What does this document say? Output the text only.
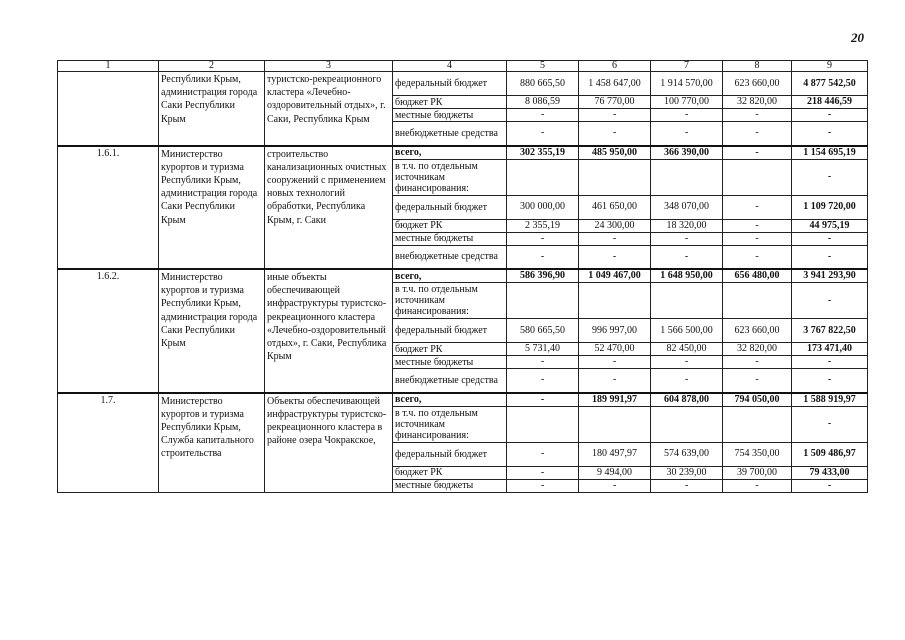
20
1	2	3	4	5	6	7	8	9
	Республики Крым, администрация города Саки Республики Крым	туристско-рекреационного кластера «Лечебно-оздоровительный отдых», г. Саки, Республика Крым	федеральный бюджет	880 665,50	1 458 647,00	1 914 570,00	623 660,00	4 877 542,50
			бюджет РК	8 086,59	76 770,00	100 770,00	32 820,00	218 446,59
			местные бюджеты	-	-	-	-	-
			внебюджетные средства	-	-	-	-	-
1.6.1.	Министерство курортов и туризма Республики Крым, администрация города Саки Республики Крым	строительство канализационных очистных сооружений с применением новых технологий обработки, Республика Крым, г. Саки	всего,	302 355,19	485 950,00	366 390,00	-	1 154 695,19
			в т.ч. по отдельным источникам финансирования:					-
			федеральный бюджет	300 000,00	461 650,00	348 070,00	-	1 109 720,00
			бюджет РК	2 355,19	24 300,00	18 320,00	-	44 975,19
			местные бюджеты	-	-	-	-	-
			внебюджетные средства	-	-	-	-	-
1.6.2.	Министерство курортов и туризма Республики Крым, администрация города Саки Республики Крым	иные объекты обеспечивающей инфраструктуры туристско-рекреационного кластера «Лечебно-оздоровительный отдых», г. Саки, Республика Крым	всего,	586 396,90	1 049 467,00	1 648 950,00	656 480,00	3 941 293,90
			в т.ч. по отдельным источникам финансирования:					-
			федеральный бюджет	580 665,50	996 997,00	1 566 500,00	623 660,00	3 767 822,50
			бюджет РК	5 731,40	52 470,00	82 450,00	32 820,00	173 471,40
			местные бюджеты	-	-	-	-	-
			внебюджетные средства	-	-	-	-	-
1.7.	Министерство курортов и туризма Республики Крым, Служба капитального строительства	Объекты обеспечивающей инфраструктуры туристско-рекреационного кластера в районе озера Чокракское,	всего,	-	189 991,97	604 878,00	794 050,00	1 588 919,97
			в т.ч. по отдельным источникам финансирования:					-
			федеральный бюджет	-	180 497,97	574 639,00	754 350,00	1 509 486,97
			бюджет РК	-	9 494,00	30 239,00	39 700,00	79 433,00
			местные бюджеты	-	-	-	-	-
